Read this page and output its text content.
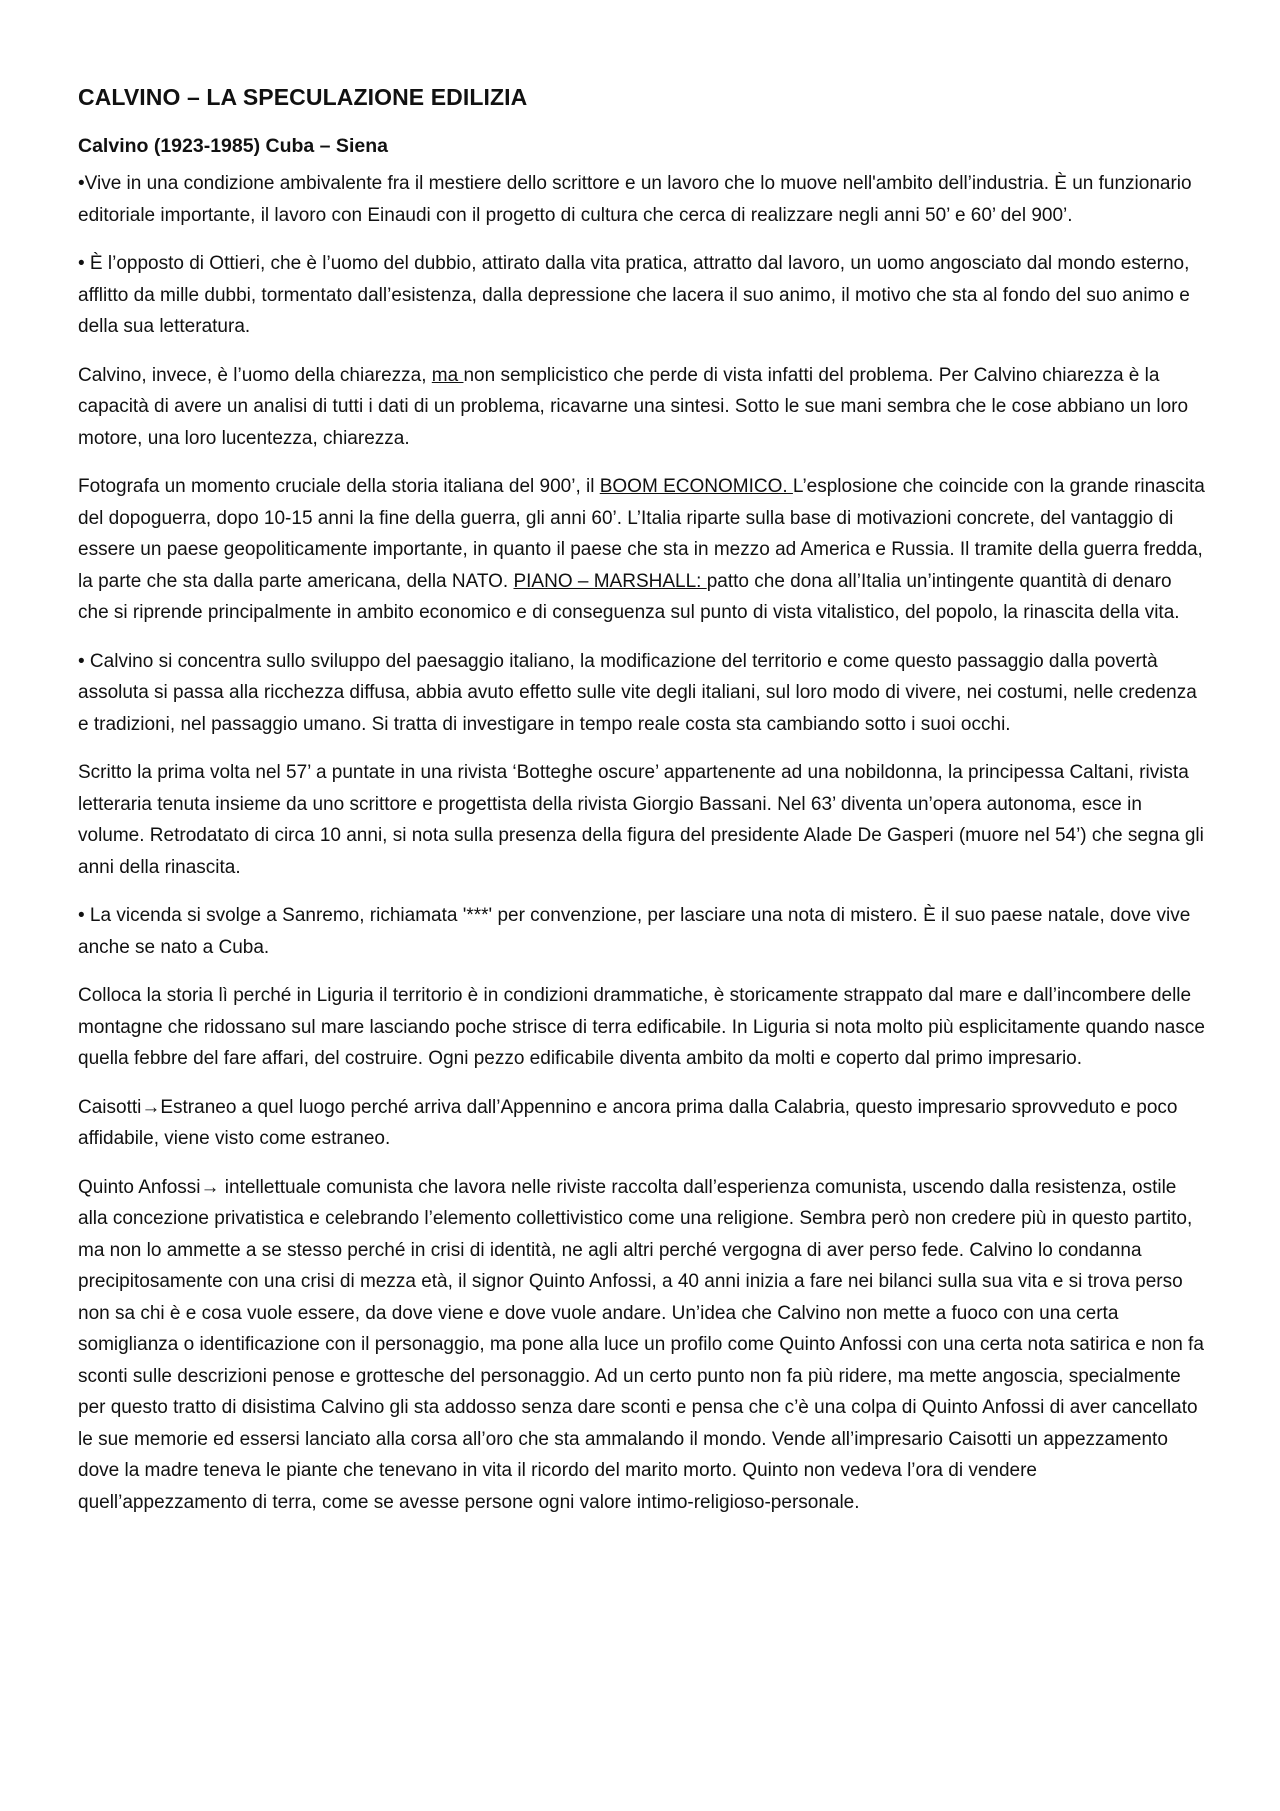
CALVINO – LA SPECULAZIONE EDILIZIA
Calvino (1923-1985) Cuba – Siena

•Vive in una condizione ambivalente fra il mestiere dello scrittore e un lavoro che lo muove nell'ambito dell’industria. È un funzionario editoriale importante, il lavoro con Einaudi con il progetto di cultura che cerca di realizzare negli anni 50’ e 60’ del 900’.

• È l’opposto di Ottieri, che è l’uomo del dubbio, attirato dalla vita pratica, attratto dal lavoro, un uomo angosciato dal mondo esterno, afflitto da mille dubbi, tormentato dall’esistenza, dalla depressione che lacera il suo animo, il motivo che sta al fondo del suo animo e della sua letteratura.

Calvino, invece, è l’uomo della chiarezza, ma non semplicistico che perde di vista infatti del problema. Per Calvino chiarezza è la capacità di avere un analisi di tutti i dati di un problema, ricavarne una sintesi. Sotto le sue mani sembra che le cose abbiano un loro motore, una loro lucentezza, chiarezza.

Fotografa un momento cruciale della storia italiana del 900’, il BOOM ECONOMICO. L’esplosione che coincide con la grande rinascita del dopoguerra, dopo 10-15 anni la fine della guerra, gli anni 60’. L’Italia riparte sulla base di motivazioni concrete, del vantaggio di essere un paese geopoliticamente importante, in quanto il paese che sta in mezzo ad America e Russia. Il tramite della guerra fredda, la parte che sta dalla parte americana, della NATO. PIANO – MARSHALL: patto che dona all’Italia un’intingente quantità di denaro che si riprende principalmente in ambito economico e di conseguenza sul punto di vista vitalistico, del popolo, la rinascita della vita.

• Calvino si concentra sullo sviluppo del paesaggio italiano, la modificazione del territorio e come questo passaggio dalla povertà assoluta si passa alla ricchezza diffusa, abbia avuto effetto sulle vite degli italiani, sul loro modo di vivere, nei costumi, nelle credenza e tradizioni, nel passaggio umano. Si tratta di investigare in tempo reale costa sta cambiando sotto i suoi occhi.

Scritto la prima volta nel 57’ a puntate in una rivista ‘Botteghe oscure’ appartenente ad una nobildonna, la principessa Caltani, rivista letteraria tenuta insieme da uno scrittore e progettista della rivista Giorgio Bassani. Nel 63’ diventa un’opera autonoma, esce in volume. Retrodatato di circa 10 anni, si nota sulla presenza della figura del presidente Alade De Gasperi (muore nel 54’) che segna gli anni della rinascita.

• La vicenda si svolge a Sanremo, richiamata '***' per convenzione, per lasciare una nota di mistero. È il suo paese natale, dove vive anche se nato a Cuba.

Colloca la storia lì perché in Liguria il territorio è in condizioni drammatiche, è storicamente strappato dal mare e dall’incombere delle montagne che ridossano sul mare lasciando poche strisce di terra edificabile. In Liguria si nota molto più esplicitamente quando nasce quella febbre del fare affari, del costruire. Ogni pezzo edificabile diventa ambito da molti e coperto dal primo impresario.

Caisotti→Estraneo a quel luogo perché arriva dall’Appennino e ancora prima dalla Calabria, questo impresario sprovveduto e poco affidabile, viene visto come estraneo.

Quinto Anfossi→ intellettuale comunista che lavora nelle riviste raccolta dall’esperienza comunista, uscendo dalla resistenza, ostile alla concezione privatistica e celebrando l’elemento collettivistico come una religione. Sembra però non credere più in questo partito, ma non lo ammette a se stesso perché in crisi di identità, ne agli altri perché vergogna di aver perso fede. Calvino lo condanna precipitosamente con una crisi di mezza età, il signor Quinto Anfossi, a 40 anni inizia a fare nei bilanci sulla sua vita e si trova perso non sa chi è e cosa vuole essere, da dove viene e dove vuole andare. Un’idea che Calvino non mette a fuoco con una certa somiglianza o identificazione con il personaggio, ma pone alla luce un profilo come Quinto Anfossi con una certa nota satirica e non fa sconti sulle descrizioni penose e grottesche del personaggio. Ad un certo punto non fa più ridere, ma mette angoscia, specialmente per questo tratto di disistima Calvino gli sta addosso senza dare sconti e pensa che c’è una colpa di Quinto Anfossi di aver cancellato le sue memorie ed essersi lanciato alla corsa all’oro che sta ammalando il mondo. Vende all’impresario Caisotti un appezzamento dove la madre teneva le piante che tenevano in vita il ricordo del marito morto. Quinto non vedeva l’ora di vendere quell’appezzamento di terra, come se avesse persone ogni valore intimo-religioso-personale.
